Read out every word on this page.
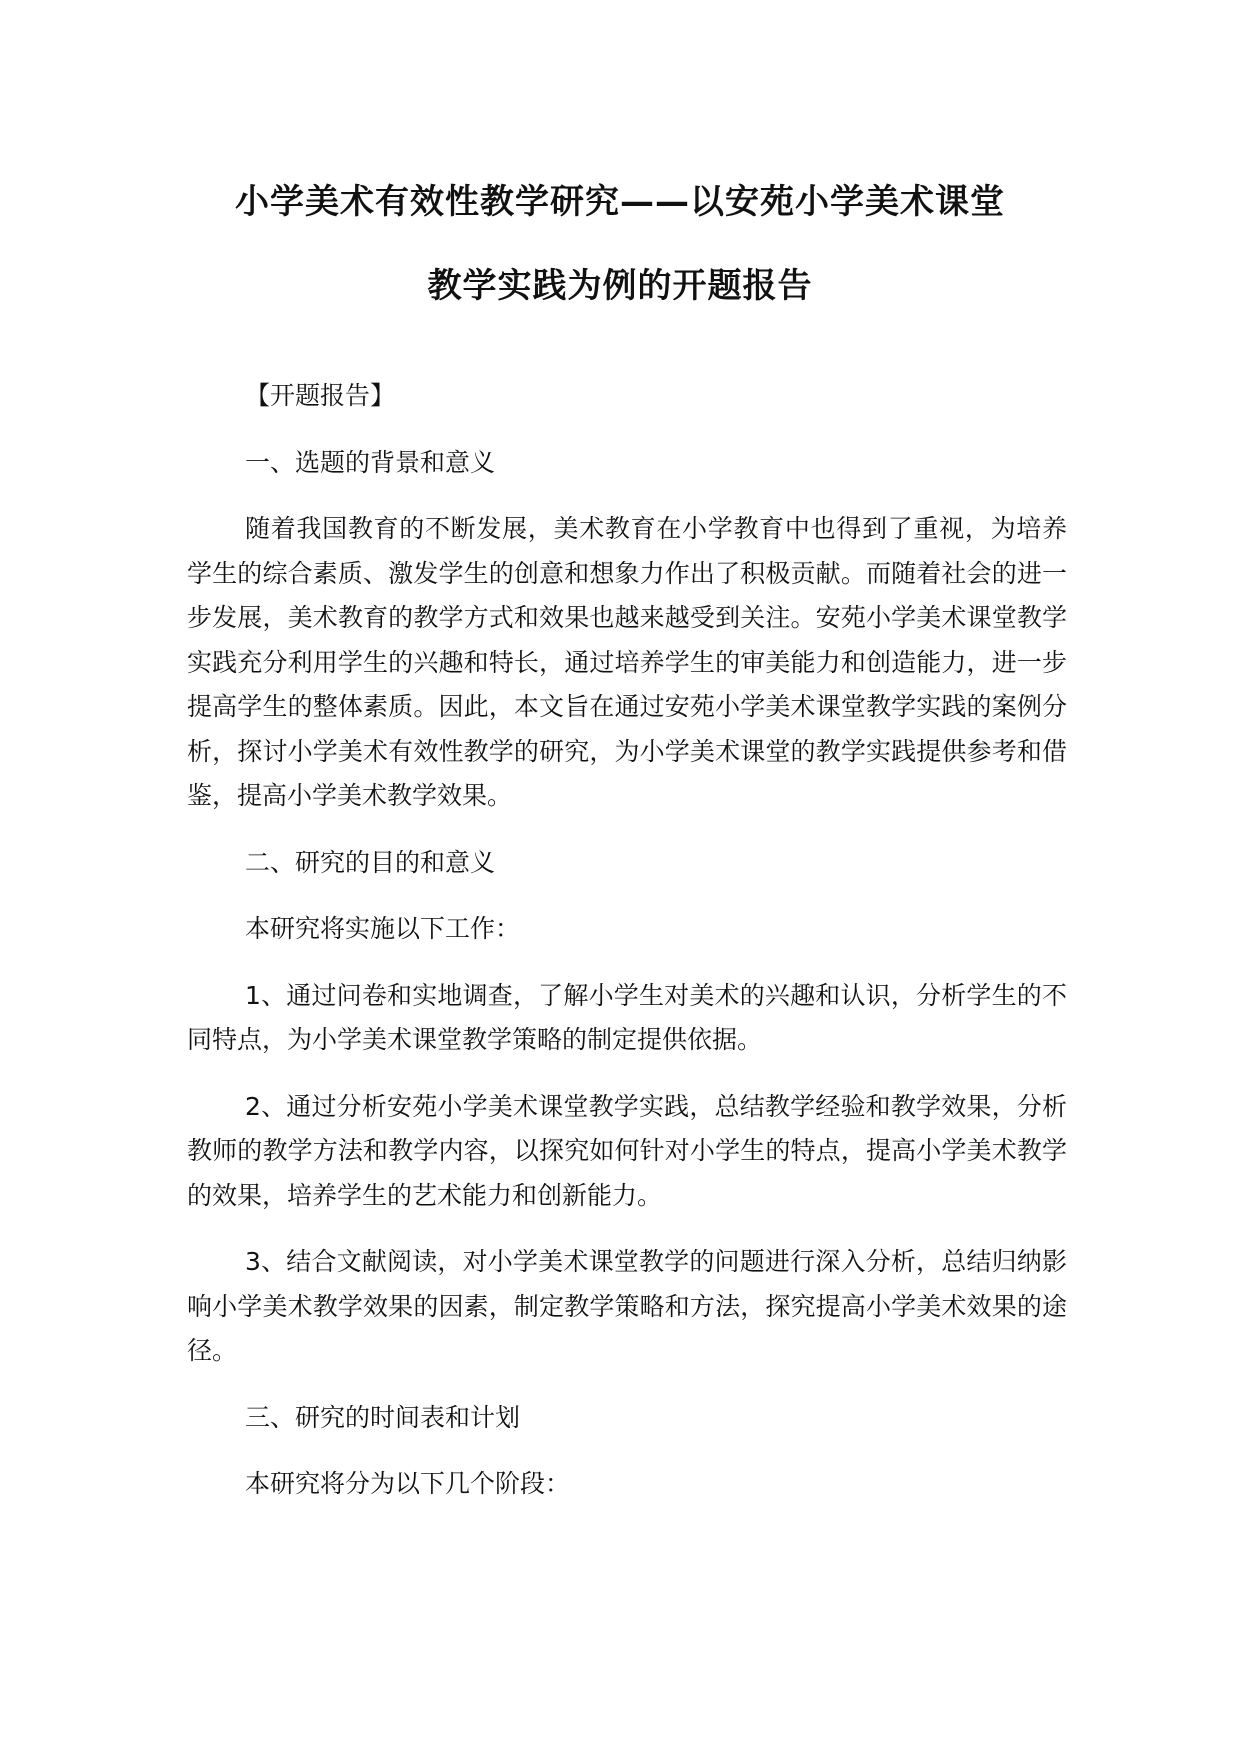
小学美术有效性教学研究——以安苑小学美术课堂
教学实践为例的开题报告

【开题报告】

一、选题的背景和意义

随着我国教育的不断发展，美术教育在小学教育中也得到了重视，为培养学生的综合素质、激发学生的创意和想象力作出了积极贡献。而随着社会的进一步发展，美术教育的教学方式和效果也越来越受到关注。安苑小学美术课堂教学实践充分利用学生的兴趣和特长，通过培养学生的审美能力和创造能力，进一步提高学生的整体素质。因此，本文旨在通过安苑小学美术课堂教学实践的案例分析，探讨小学美术有效性教学的研究，为小学美术课堂的教学实践提供参考和借鉴，提高小学美术教学效果。

二、研究的目的和意义

本研究将实施以下工作：

1、通过问卷和实地调查，了解小学生对美术的兴趣和认识，分析学生的不同特点，为小学美术课堂教学策略的制定提供依据。

2、通过分析安苑小学美术课堂教学实践，总结教学经验和教学效果，分析教师的教学方法和教学内容，以探究如何针对小学生的特点，提高小学美术教学的效果，培养学生的艺术能力和创新能力。

3、结合文献阅读，对小学美术课堂教学的问题进行深入分析，总结归纳影响小学美术教学效果的因素，制定教学策略和方法，探究提高小学美术效果的途径。

三、研究的时间表和计划

本研究将分为以下几个阶段：
